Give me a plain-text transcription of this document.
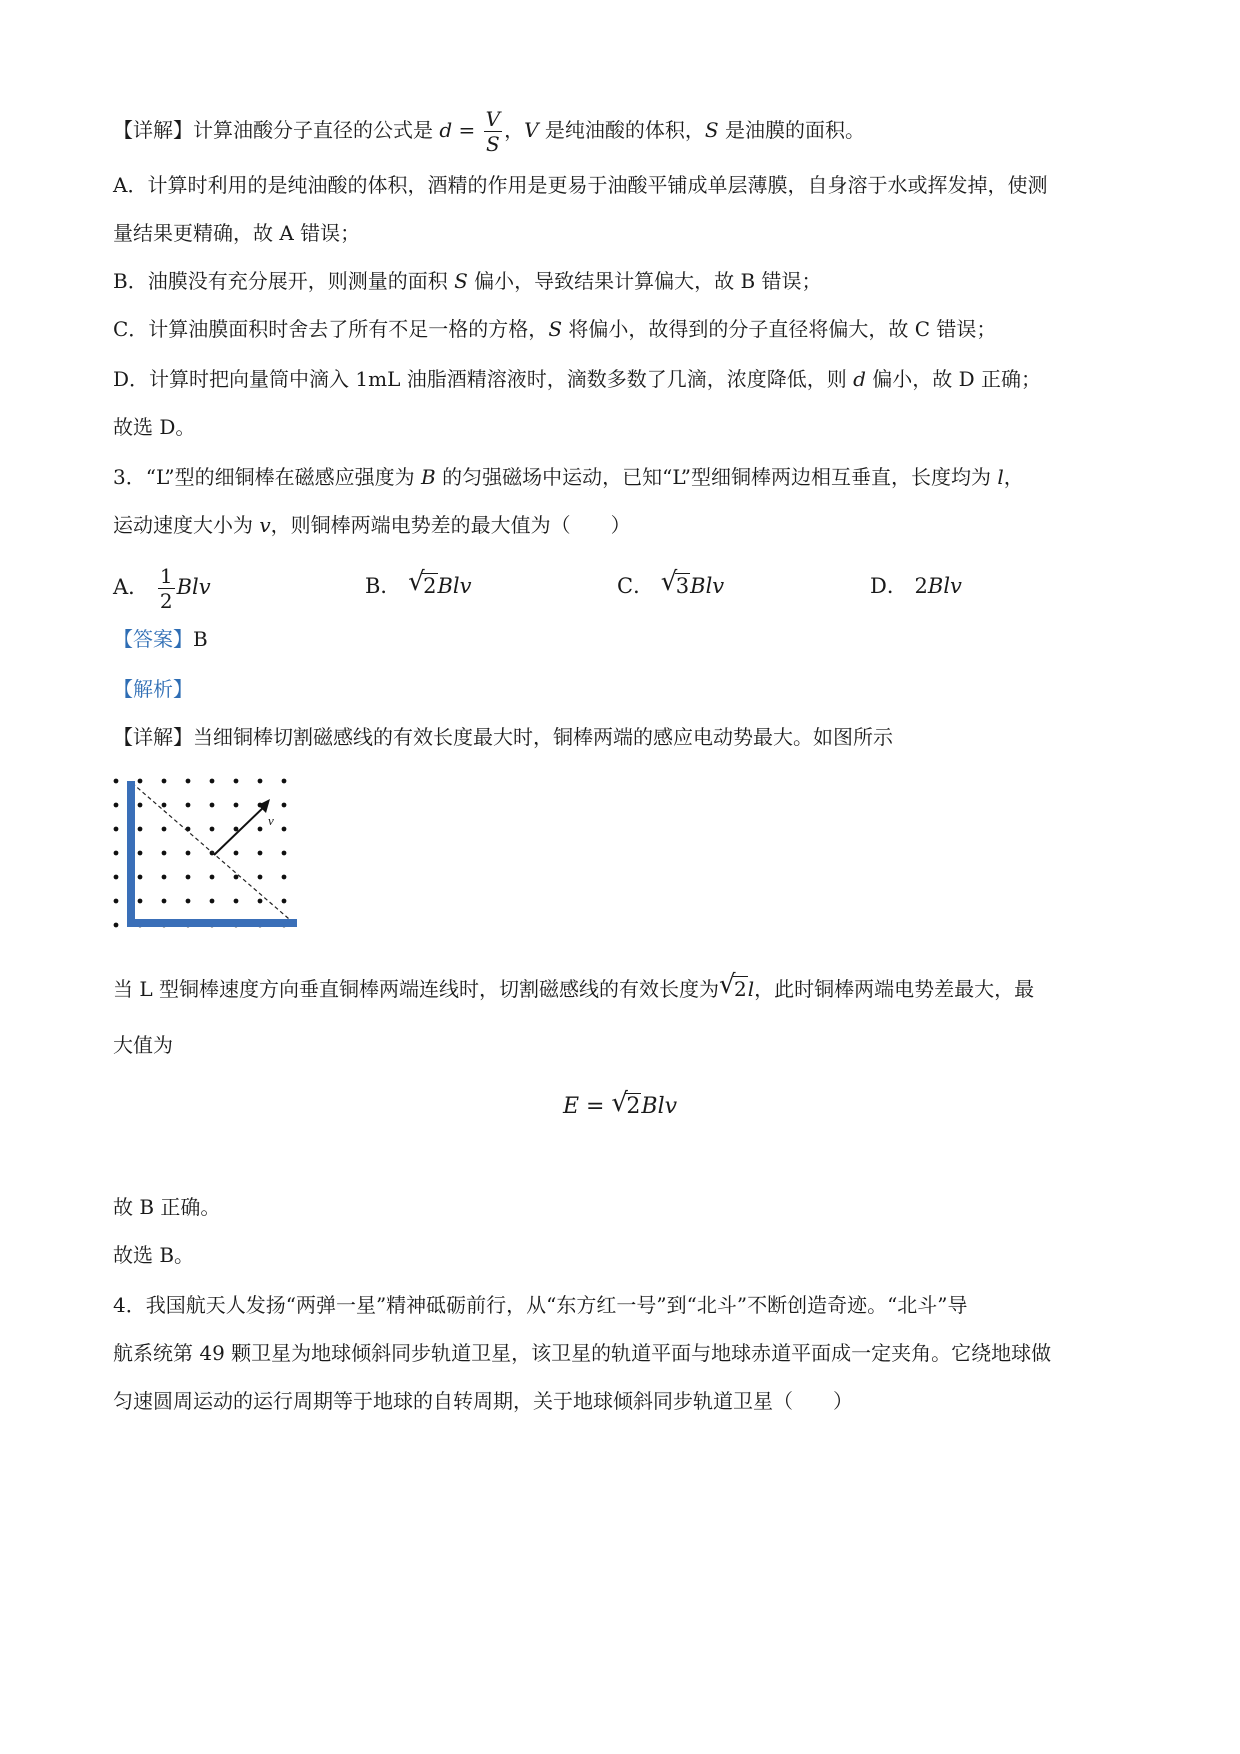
【详解】计算油酸分子直径的公式是 $d = \frac{V}{S}$ ，V 是纯油酸的体积，S 是油膜的面积。
A．计算时利用的是纯油酸的体积，酒精的作用是更易于油酸平铺成单层薄膜，自身溶于水或挥发掉，使测
量结果更精确，故 A 错误；
B．油膜没有充分展开，则测量的面积 S 偏小，导致结果计算偏大，故 B 错误；
C．计算油膜面积时舍去了所有不足一格的方格，S 将偏小，故得到的分子直径将偏大，故 C 错误；
D．计算时把向量筒中滴入 1mL 油脂酒精溶液时，滴数多数了几滴，浓度降低，则 d 偏小，故 D 正确；
故选 D。
3．“L”型的细铜棒在磁感应强度为 B 的匀强磁场中运动，已知“L”型细铜棒两边相互垂直，长度均为 l，
运动速度大小为 v，则铜棒两端电势差的最大值为（　　）
A． $\frac{1}{2}$ Blv	B． √ 2Blv	C． √ 3Blv	D． 2Blv
【答案】B
【解析】
【详解】当细铜棒切割磁感线的有效长度最大时，铜棒两端的感应电动势最大。如图所示
v
当 L 型铜棒速度方向垂直铜棒两端连线时，切割磁感线的有效长度为 √ 2l，此时铜棒两端电势差最大，最
大值为
E = √ 2Blv
故 B 正确。
故选 B。
4．我国航天人发扬“两弹一星”精神砥砺前行，从“东方红一号”到“北斗”不断创造奇迹。“北斗”导
航系统第 49 颗卫星为地球倾斜同步轨道卫星，该卫星的轨道平面与地球赤道平面成一定夹角。它绕地球做
匀速圆周运动的运行周期等于地球的自转周期，关于地球倾斜同步轨道卫星（　　）
